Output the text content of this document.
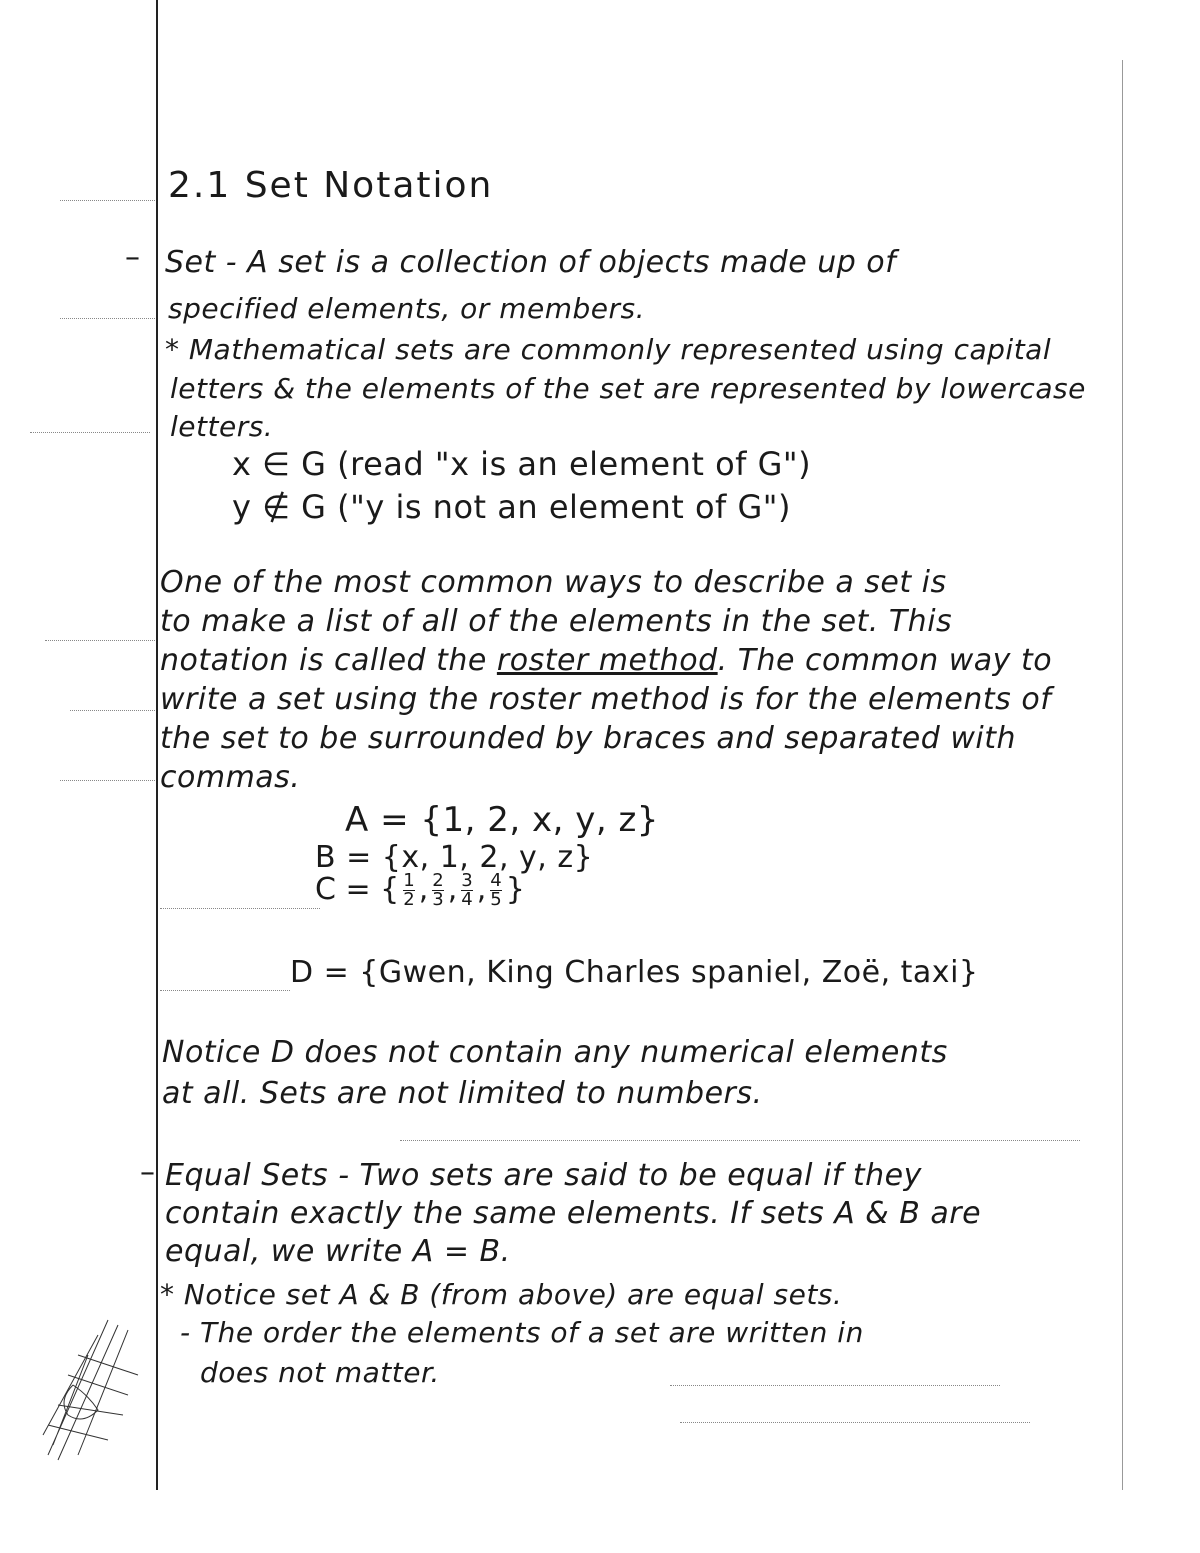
2.1 Set Notation
– Set - A set is a collection of objects made up of
specified elements, or members.
* Mathematical sets are commonly represented using capital
letters & the elements of the set are represented by lowercase
letters.
x ∈ G (read "x is an element of G")
y ∉ G ("y is not an element of G")
One of the most common ways to describe a set is
to make a list of all of the elements in the set. This
notation is called the roster method. The common way to
write a set using the roster method is for the elements of
the set to be surrounded by braces and separated with
commas.
A = {1, 2, x, y, z}
B = {x, 1, 2, y, z}
C = { $\frac{1}{2}$ , $\frac{2}{3}$ , $\frac{3}{4}$ , $\frac{4}{5}$ }
D = {Gwen, King Charles spaniel, Zoë, taxi}
Notice D does not contain any numerical elements
at all. Sets are not limited to numbers.
– Equal Sets - Two sets are said to be equal if they
contain exactly the same elements. If sets A & B are
equal, we write A = B.
* Notice set A & B (from above) are equal sets.
- The order the elements of a set are written in
does not matter.
